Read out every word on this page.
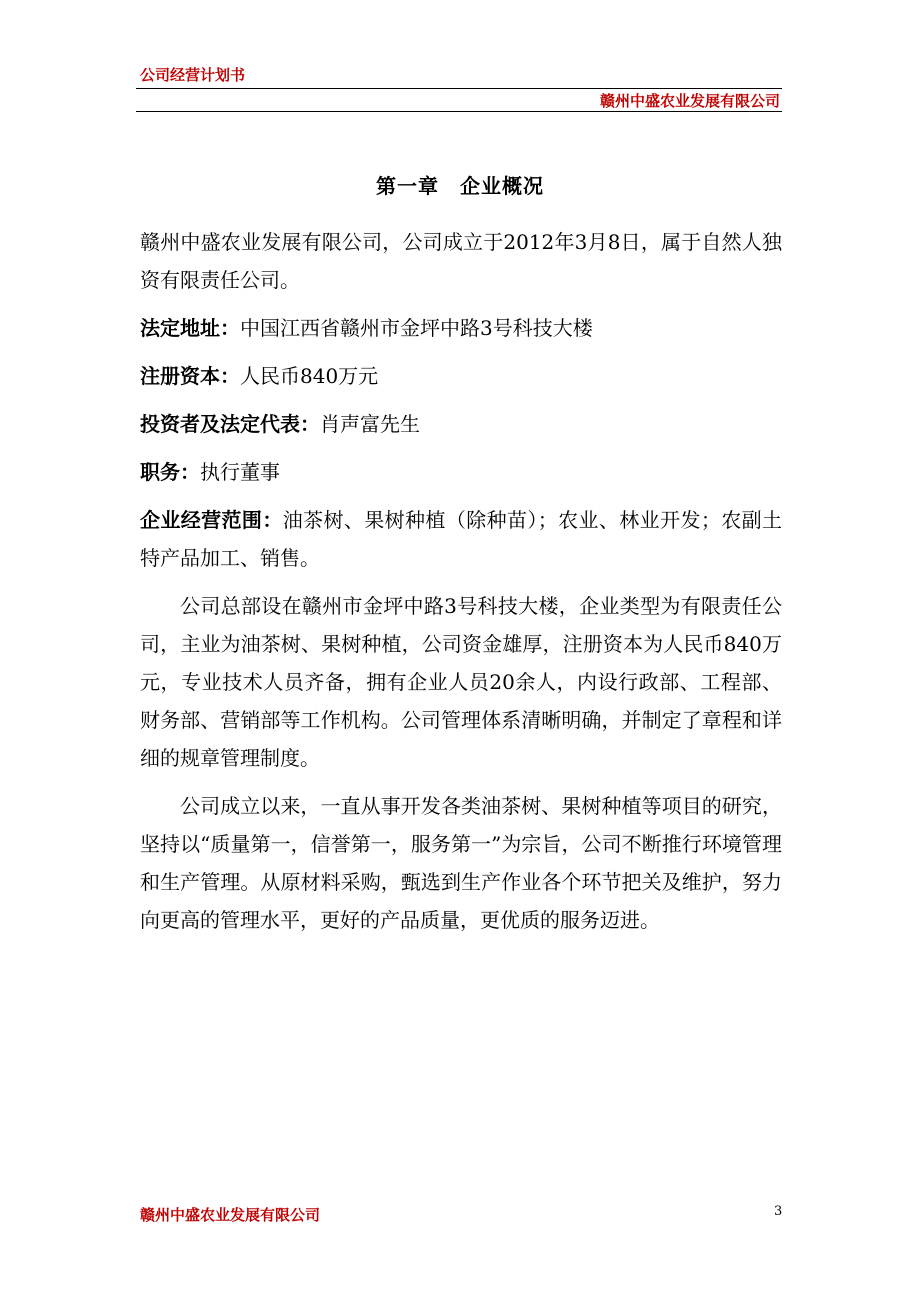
公司经营计划书
赣州中盛农业发展有限公司
第一章　企业概况

赣州中盛农业发展有限公司，公司成立于2012年3月8日，属于自然人独资有限责任公司。

法定地址：中国江西省赣州市金坪中路3号科技大楼

注册资本：人民币840万元

投资者及法定代表：肖声富先生

职务：执行董事

企业经营范围：油茶树、果树种植（除种苗）；农业、林业开发；农副土特产品加工、销售。

公司总部设在赣州市金坪中路3号科技大楼，企业类型为有限责任公司，主业为油茶树、果树种植，公司资金雄厚，注册资本为人民币840万元，专业技术人员齐备，拥有企业人员20余人，内设行政部、工程部、财务部、营销部等工作机构。公司管理体系清晰明确，并制定了章程和详细的规章管理制度。

公司成立以来，一直从事开发各类油茶树、果树种植等项目的研究，坚持以“质量第一，信誉第一，服务第一”为宗旨，公司不断推行环境管理和生产管理。从原材料采购，甄选到生产作业各个环节把关及维护，努力向更高的管理水平，更好的产品质量，更优质的服务迈进。

赣州中盛农业发展有限公司	3
